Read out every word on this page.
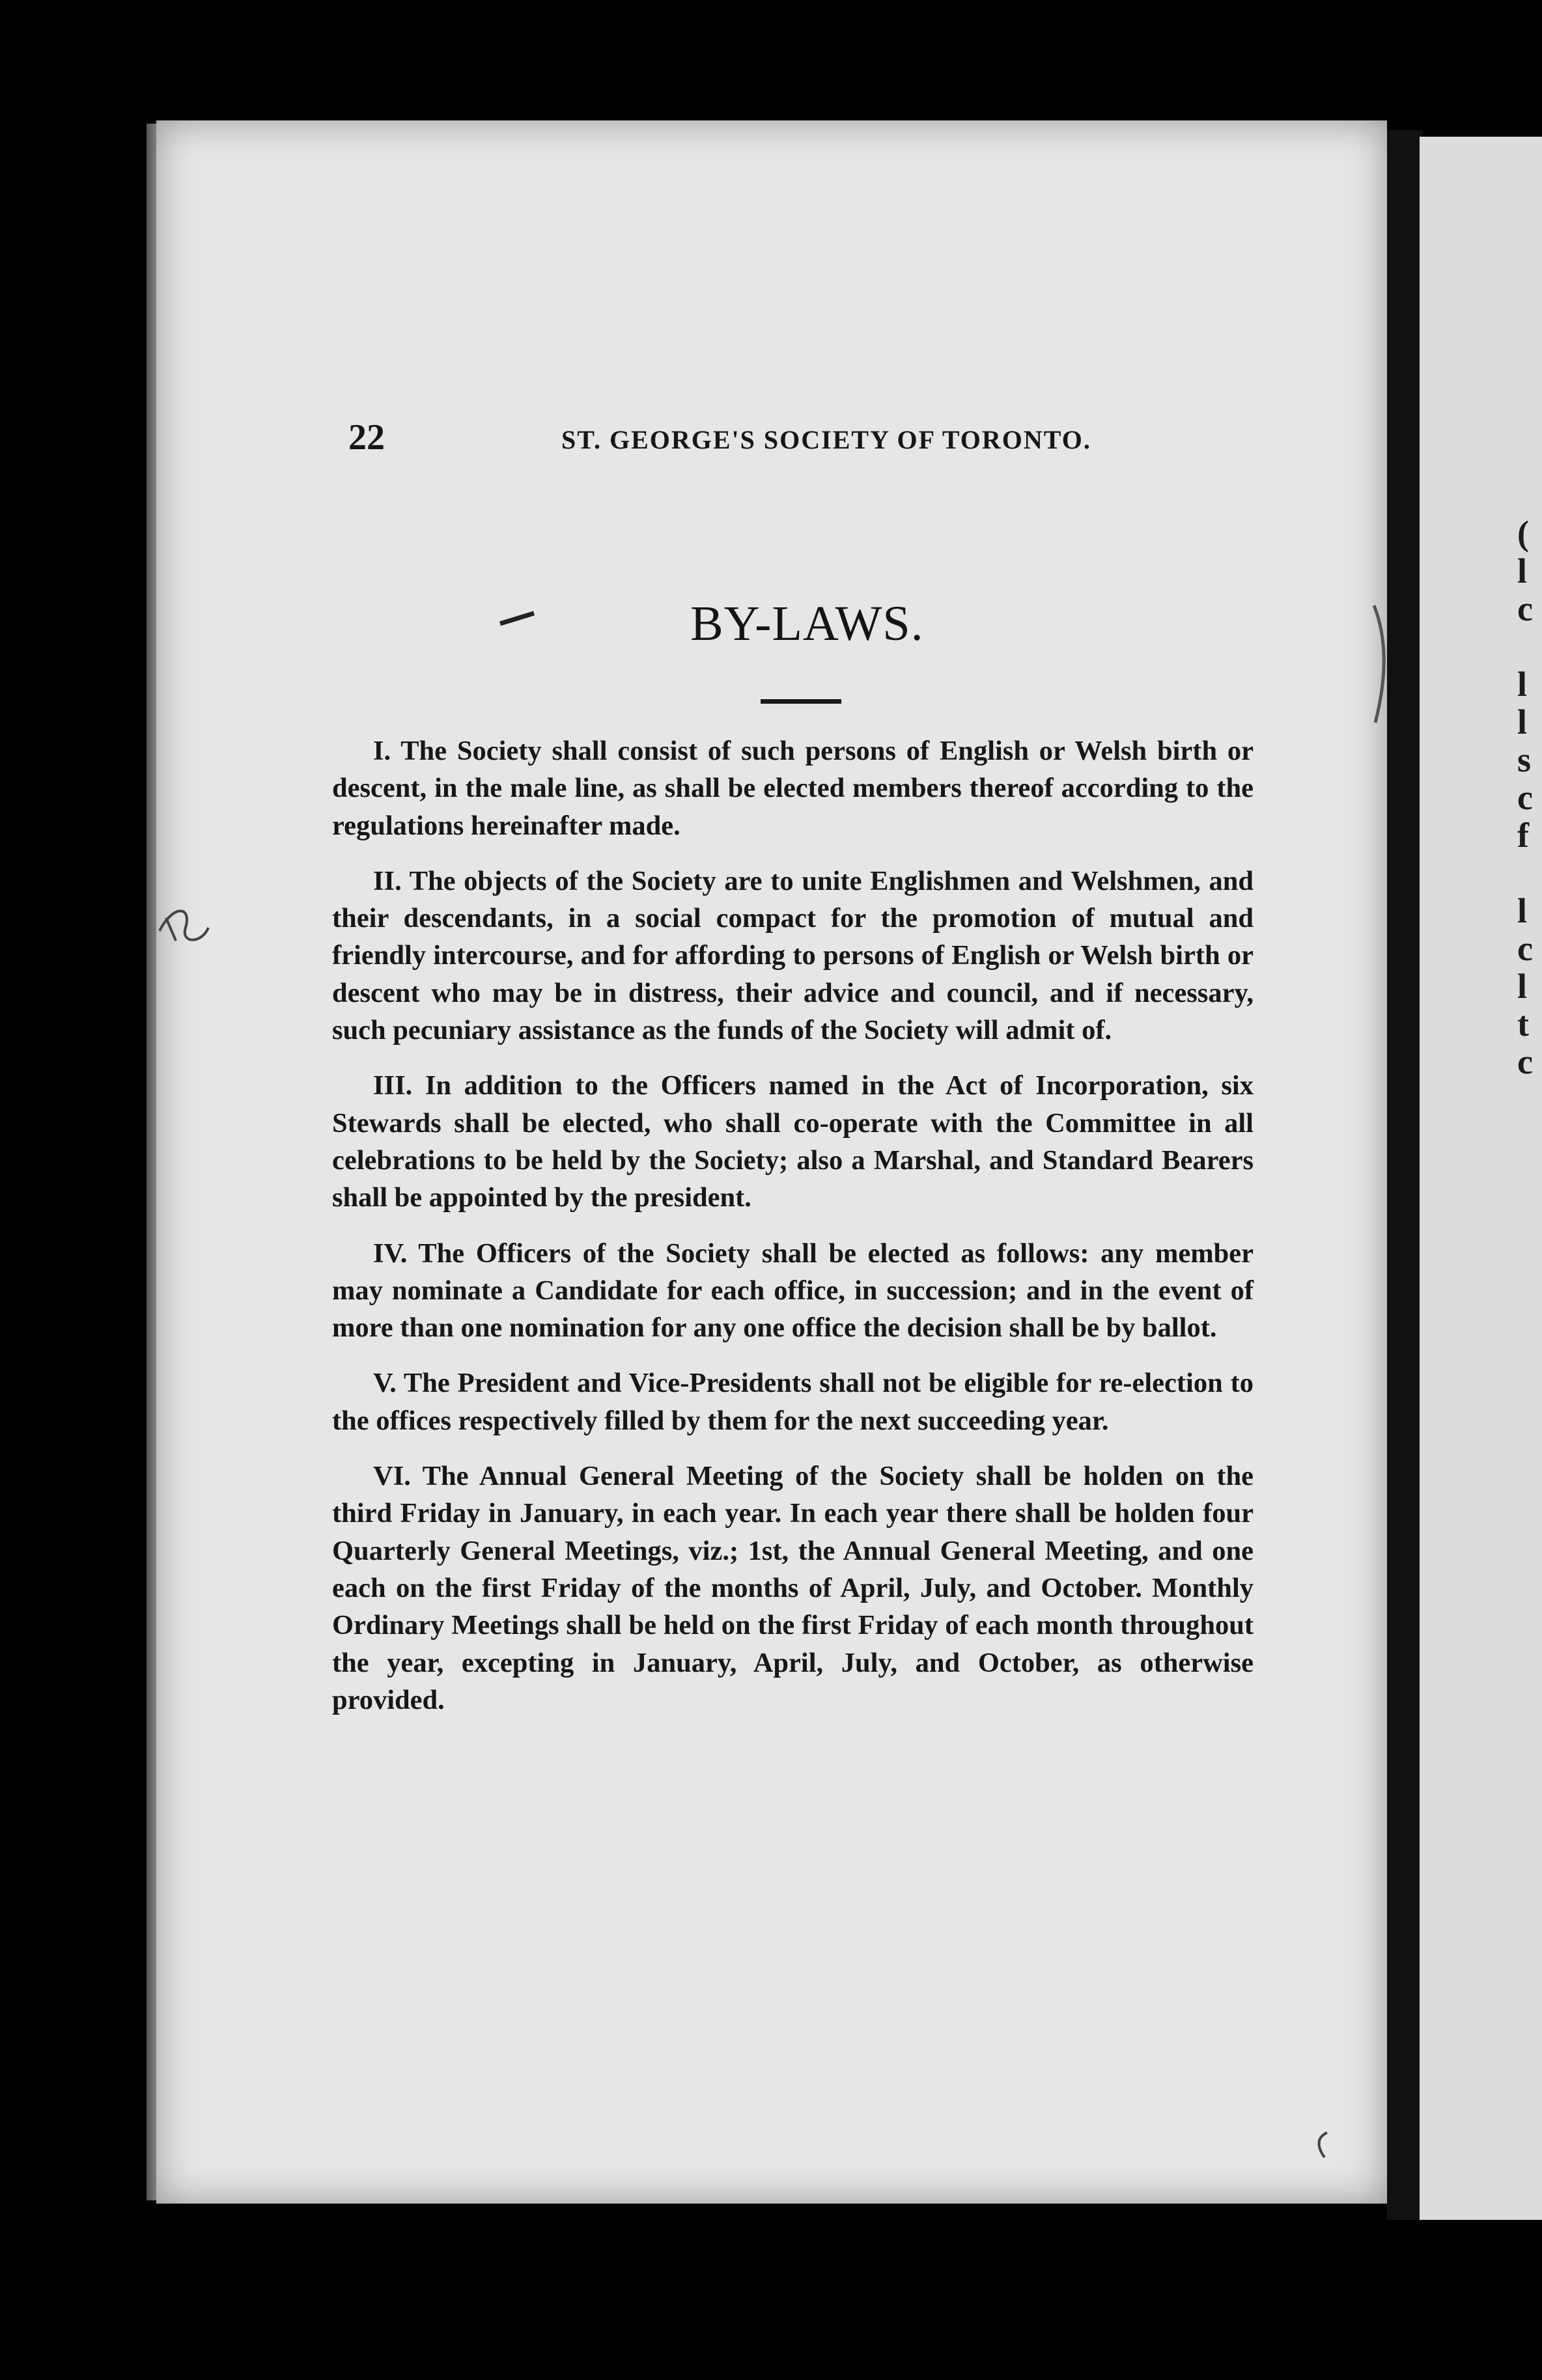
(
l
c

l
l
s
c
f

l
c
l
t
c
22	ST. GEORGE'S SOCIETY OF TORONTO.
BY-LAWS.

I. The Society shall consist of such persons of English or Welsh birth or descent, in the male line, as shall be elected members thereof according to the regulations hereinafter made.

II. The objects of the Society are to unite Englishmen and Welshmen, and their descendants, in a social compact for the promotion of mutual and friendly intercourse, and for affording to persons of English or Welsh birth or descent who may be in distress, their advice and council, and if necessary, such pecuniary assistance as the funds of the Society will admit of.

III. In addition to the Officers named in the Act of Incorporation, six Stewards shall be elected, who shall co-operate with the Committee in all celebrations to be held by the Society; also a Marshal, and Standard Bearers shall be appointed by the president.

IV. The Officers of the Society shall be elected as follows: any member may nominate a Candidate for each office, in succession; and in the event of more than one nomination for any one office the decision shall be by ballot.

V. The President and Vice-Presidents shall not be eligible for re-election to the offices respectively filled by them for the next succeeding year.

VI. The Annual General Meeting of the Society shall be holden on the third Friday in January, in each year. In each year there shall be holden four Quarterly General Meetings, viz.; 1st, the Annual General Meeting, and one each on the first Friday of the months of April, July, and October. Monthly Ordinary Meetings shall be held on the first Friday of each month throughout the year, excepting in January, April, July, and October, as otherwise provided.
